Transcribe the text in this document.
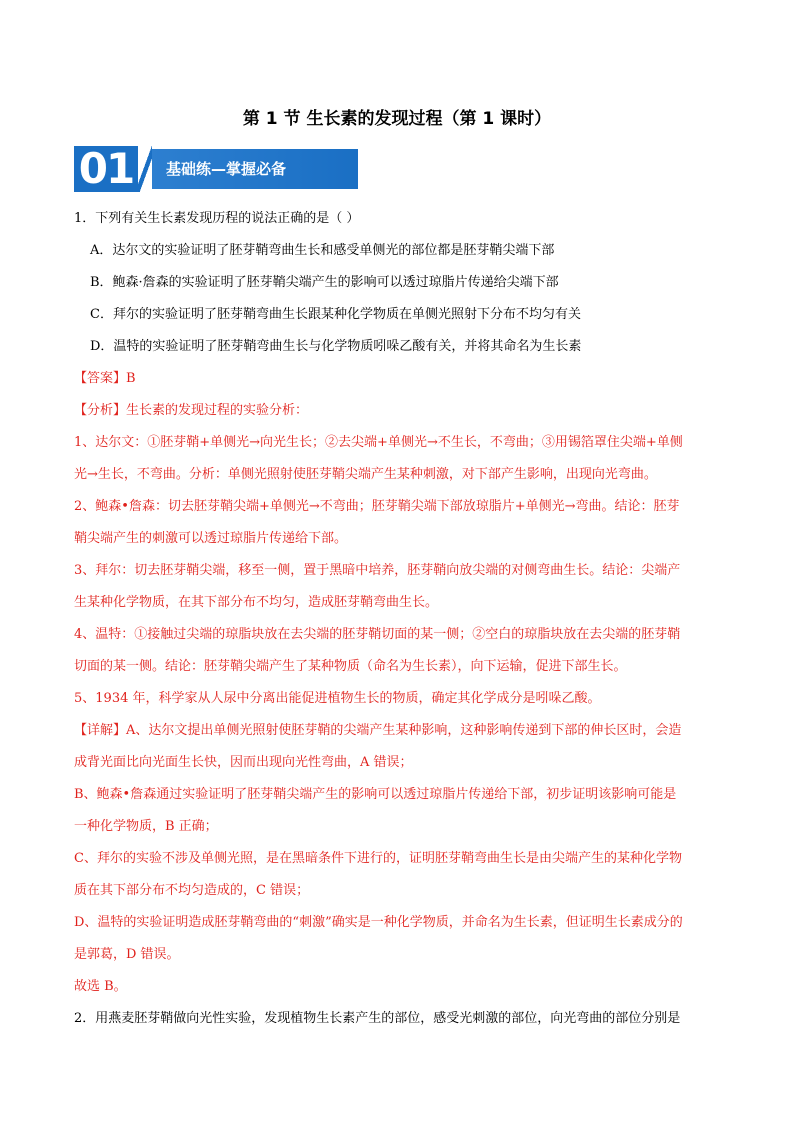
第 1 节 生长素的发现过程（第 1 课时）
01	基础练—掌握必备
1．下列有关生长素发现历程的说法正确的是（ ）
A．达尔文的实验证明了胚芽鞘弯曲生长和感受单侧光的部位都是胚芽鞘尖端下部
B．鲍森·詹森的实验证明了胚芽鞘尖端产生的影响可以透过琼脂片传递给尖端下部
C．拜尔的实验证明了胚芽鞘弯曲生长跟某种化学物质在单侧光照射下分布不均匀有关
D．温特的实验证明了胚芽鞘弯曲生长与化学物质吲哚乙酸有关，并将其命名为生长素
【答案】B
【分析】生长素的发现过程的实验分析：
1、达尔文：①胚芽鞘+单侧光→向光生长；②去尖端+单侧光→不生长，不弯曲；③用锡箔罩住尖端+单侧
光→生长，不弯曲。分析：单侧光照射使胚芽鞘尖端产生某种刺激，对下部产生影响，出现向光弯曲。
2、鲍森•詹森：切去胚芽鞘尖端+单侧光→不弯曲；胚芽鞘尖端下部放琼脂片+单侧光→弯曲。结论：胚芽
鞘尖端产生的刺激可以透过琼脂片传递给下部。
3、拜尔：切去胚芽鞘尖端，移至一侧，置于黑暗中培养，胚芽鞘向放尖端的对侧弯曲生长。结论：尖端产
生某种化学物质，在其下部分布不均匀，造成胚芽鞘弯曲生长。
4、温特：①接触过尖端的琼脂块放在去尖端的胚芽鞘切面的某一侧；②空白的琼脂块放在去尖端的胚芽鞘
切面的某一侧。结论：胚芽鞘尖端产生了某种物质（命名为生长素），向下运输，促进下部生长。
5、1934 年，科学家从人尿中分离出能促进植物生长的物质，确定其化学成分是吲哚乙酸。
【详解】A、达尔文提出单侧光照射使胚芽鞘的尖端产生某种影响，这种影响传递到下部的伸长区时，会造
成背光面比向光面生长快，因而出现向光性弯曲，A 错误；
B、鲍森•詹森通过实验证明了胚芽鞘尖端产生的影响可以透过琼脂片传递给下部，初步证明该影响可能是
一种化学物质，B 正确；
C、拜尔的实验不涉及单侧光照，是在黑暗条件下进行的，证明胚芽鞘弯曲生长是由尖端产生的某种化学物
质在其下部分布不均匀造成的，C 错误；
D、温特的实验证明造成胚芽鞘弯曲的“刺激”确实是一种化学物质，并命名为生长素，但证明生长素成分的
是郭葛，D 错误。
故选 B。
2．用燕麦胚芽鞘做向光性实验，发现植物生长素产生的部位，感受光刺激的部位，向光弯曲的部位分别是
